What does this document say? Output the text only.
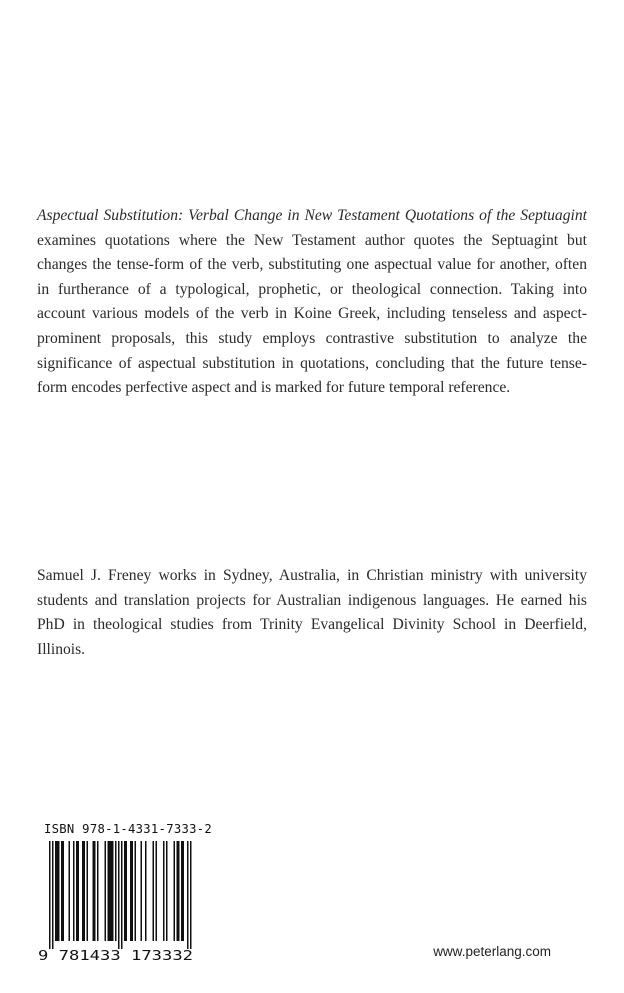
Aspectual Substitution: Verbal Change in New Testament Quotations of the Septuagint examines quotations where the New Testament author quotes the Septuagint but changes the tense-form of the verb, substituting one aspectual value for another, often in furtherance of a typological, prophetic, or theological connection. Taking into account various models of the verb in Koine Greek, including tenseless and aspect-prominent proposals, this study employs contrastive substitution to analyze the significance of aspectual substitution in quotations, concluding that the future tense-form encodes perfective aspect and is marked for future temporal reference.

Samuel J. Freney works in Sydney, Australia, in Christian ministry with university students and translation projects for Australian indigenous languages. He earned his PhD in theological studies from Trinity Evangelical Divinity School in Deerfield, Illinois.

ISBN 978-1-4331-7333-2
9 781433 173332	www.peterlang.com
